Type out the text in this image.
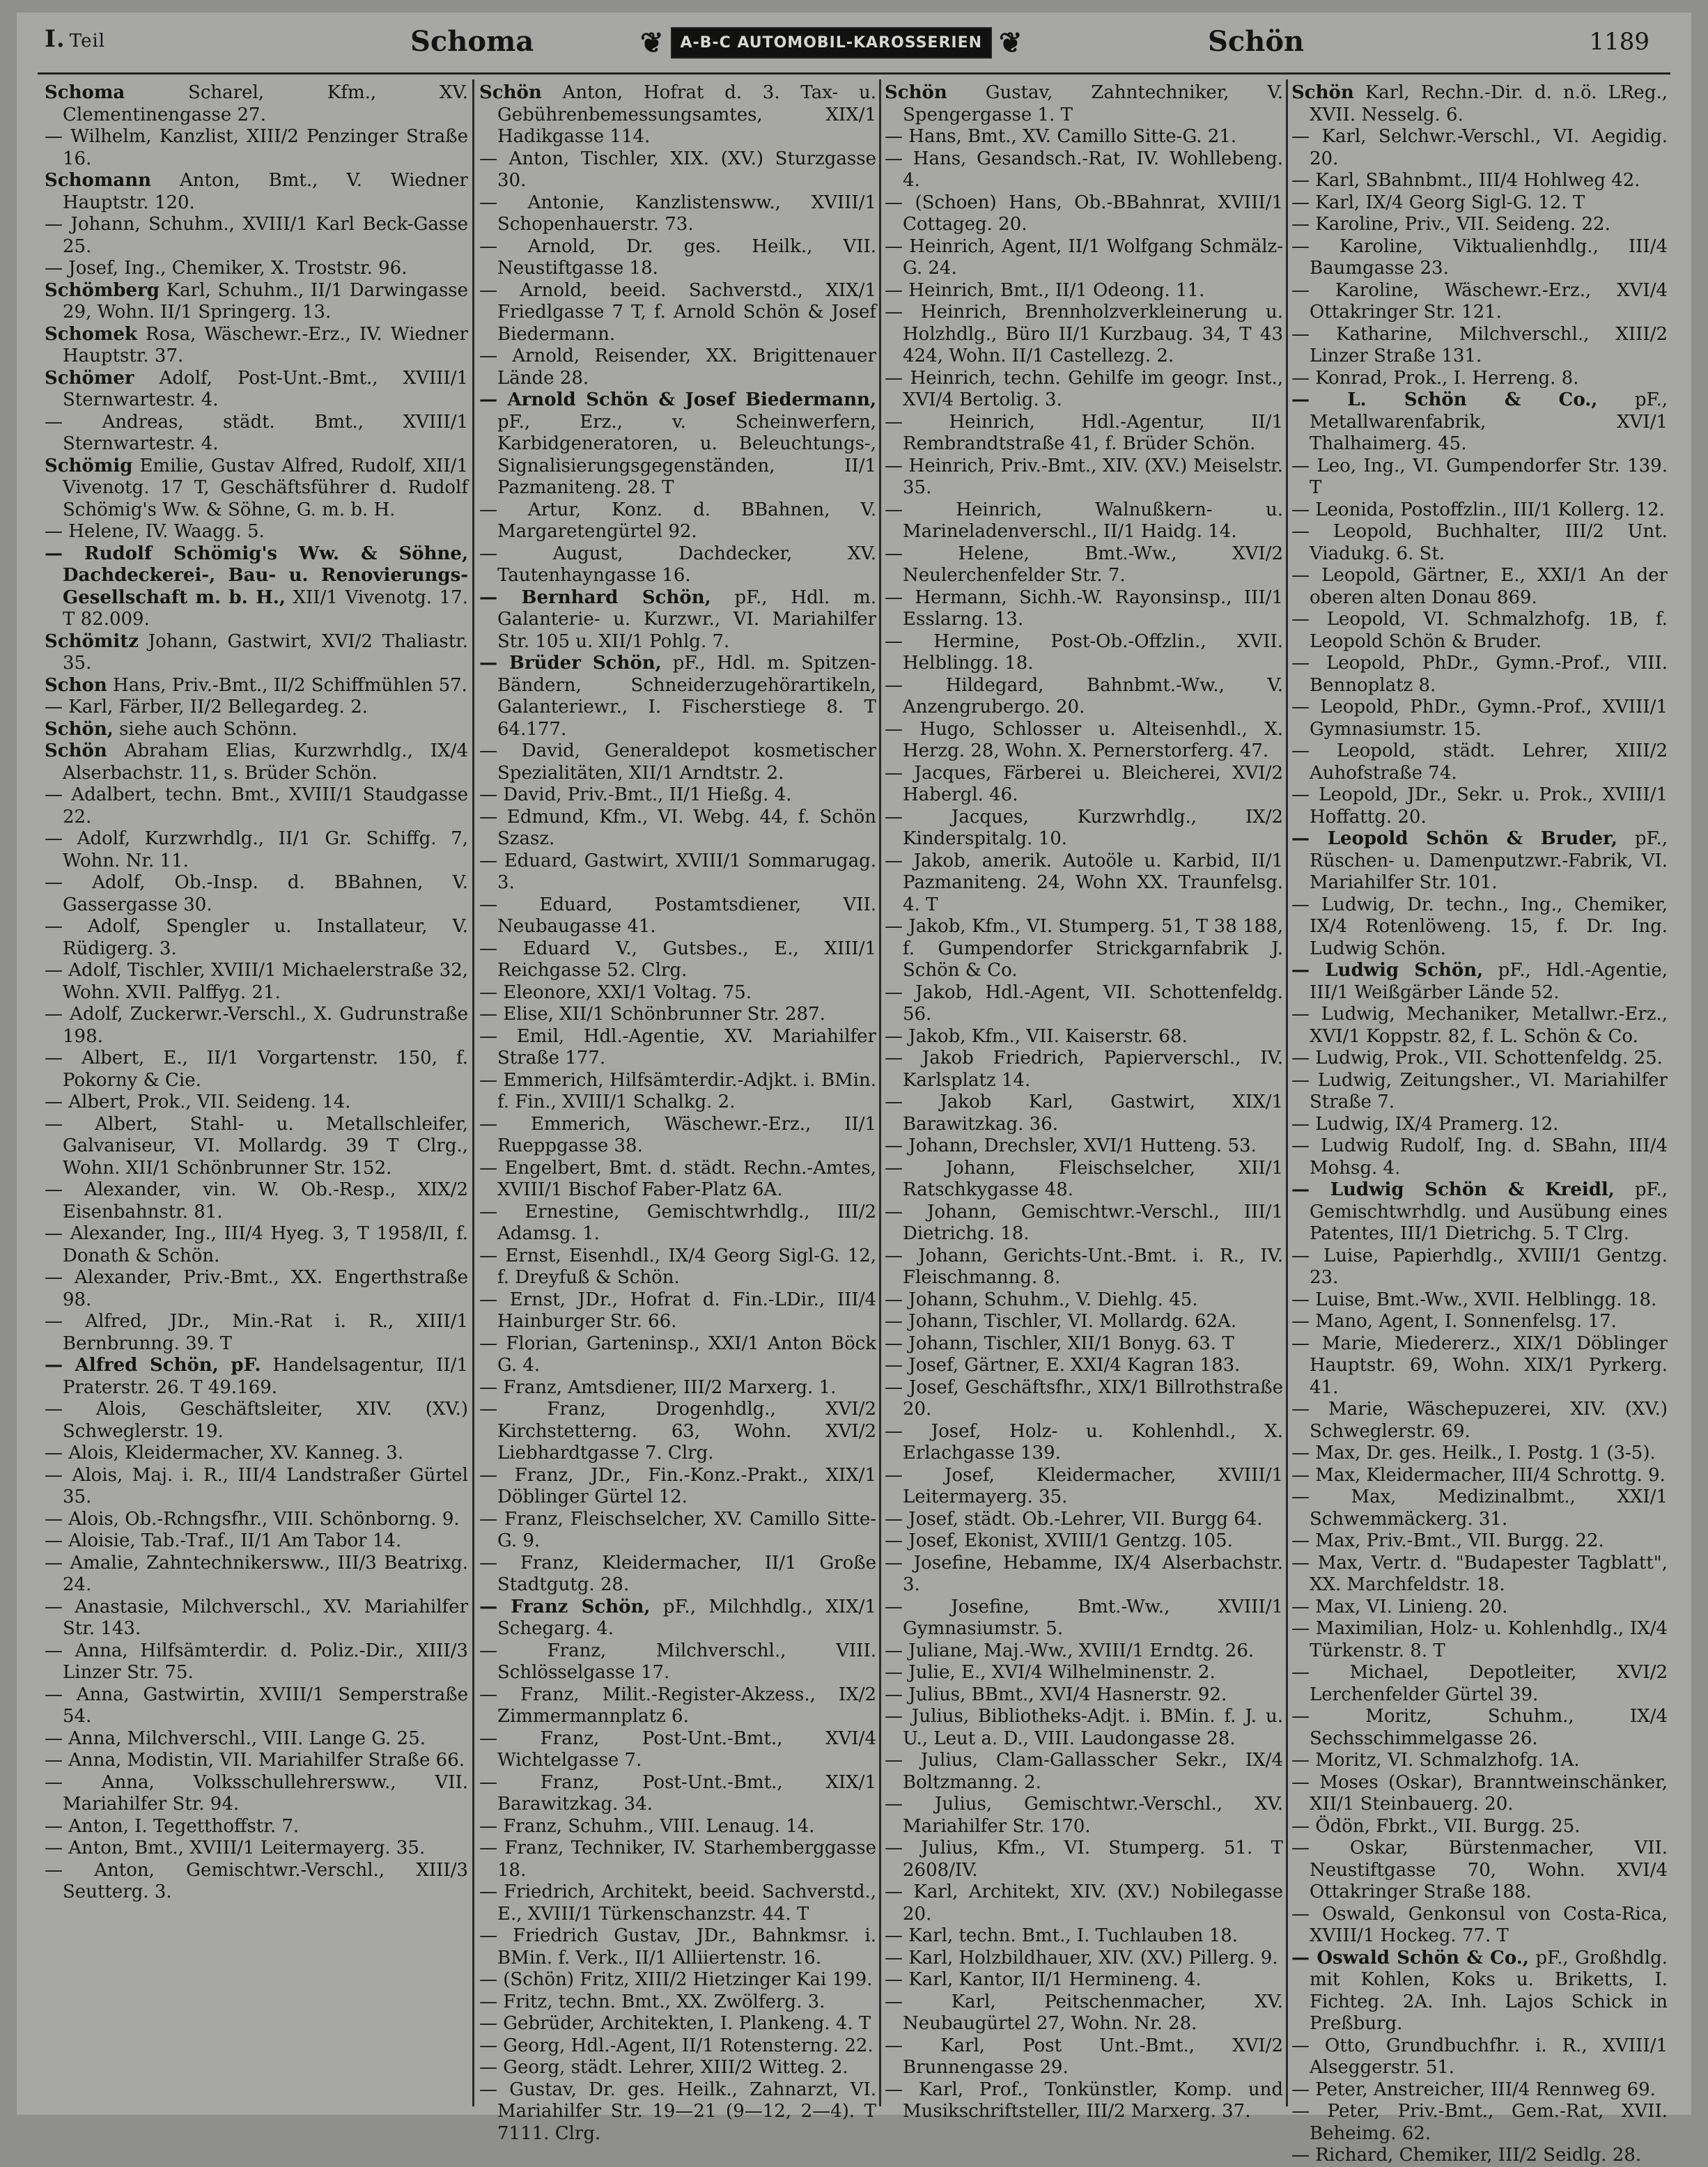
I. Teil	Schoma	❦	A-B-C AUTOMOBIL-KAROSSERIEN ❦	Schön	1189

Schoma Scharel, Kfm., XV. Clementinengasse 27.

— Wilhelm, Kanzlist, XIII/2 Penzinger Straße 16.

Schomann Anton, Bmt., V. Wiedner Hauptstr. 120.

— Johann, Schuhm., XVIII/1 Karl Beck-Gasse 25.

— Josef, Ing., Chemiker, X. Troststr. 96.

Schömberg Karl, Schuhm., II/1 Darwingasse 29, Wohn. II/1 Springerg. 13.

Schomek Rosa, Wäschewr.-Erz., IV. Wiedner Hauptstr. 37.

Schömer Adolf, Post-Unt.-Bmt., XVIII/1 Sternwartestr. 4.

— Andreas, städt. Bmt., XVIII/1 Sternwartestr. 4.

Schömig Emilie, Gustav Alfred, Rudolf, XII/1 Vivenotg. 17 T, Geschäftsführer d. Rudolf Schömig's Ww. & Söhne, G. m. b. H.

— Helene, IV. Waagg. 5.

— Rudolf Schömig's Ww. & Söhne, Dachdeckerei-, Bau- u. Renovierungs-Gesellschaft m. b. H., XII/1 Vivenotg. 17. T 82.009.

Schömitz Johann, Gastwirt, XVI/2 Thaliastr. 35.

Schon Hans, Priv.-Bmt., II/2 Schiffmühlen 57.

— Karl, Färber, II/2 Bellegardeg. 2.

Schön, siehe auch Schönn.

Schön Abraham Elias, Kurzwrhdlg., IX/4 Alserbachstr. 11, s. Brüder Schön.

— Adalbert, techn. Bmt., XVIII/1 Staudgasse 22.

— Adolf, Kurzwrhdlg., II/1 Gr. Schiffg. 7, Wohn. Nr. 11.

— Adolf, Ob.-Insp. d. BBahnen, V. Gassergasse 30.

— Adolf, Spengler u. Installateur, V. Rüdigerg. 3.

— Adolf, Tischler, XVIII/1 Michaelerstraße 32, Wohn. XVII. Palffyg. 21.

— Adolf, Zuckerwr.-Verschl., X. Gudrunstraße 198.

— Albert, E., II/1 Vorgartenstr. 150, f. Pokorny & Cie.

— Albert, Prok., VII. Seideng. 14.

— Albert, Stahl- u. Metallschleifer, Galvaniseur, VI. Mollardg. 39 T Clrg., Wohn. XII/1 Schönbrunner Str. 152.

— Alexander, vin. W. Ob.-Resp., XIX/2 Eisenbahnstr. 81.

— Alexander, Ing., III/4 Hyeg. 3, T 1958/II, f. Donath & Schön.

— Alexander, Priv.-Bmt., XX. Engerthstraße 98.

— Alfred, JDr., Min.-Rat i. R., XIII/1 Bernbrunng. 39. T

— Alfred Schön, pF. Handelsagentur, II/1 Praterstr. 26. T 49.169.

— Alois, Geschäftsleiter, XIV. (XV.) Schweglerstr. 19.

— Alois, Kleidermacher, XV. Kanneg. 3.

— Alois, Maj. i. R., III/4 Landstraßer Gürtel 35.

— Alois, Ob.-Rchngsfhr., VIII. Schönborng. 9.

— Aloisie, Tab.-Traf., II/1 Am Tabor 14.

— Amalie, Zahntechnikersww., III/3 Beatrixg. 24.

— Anastasie, Milchverschl., XV. Mariahilfer Str. 143.

— Anna, Hilfsämterdir. d. Poliz.-Dir., XIII/3 Linzer Str. 75.

— Anna, Gastwirtin, XVIII/1 Semperstraße 54.

— Anna, Milchverschl., VIII. Lange G. 25.

— Anna, Modistin, VII. Mariahilfer Straße 66.

— Anna, Volksschullehrersww., VII. Mariahilfer Str. 94.

— Anton, I. Tegetthoffstr. 7.

— Anton, Bmt., XVIII/1 Leitermayerg. 35.

— Anton, Gemischtwr.-Verschl., XIII/3 Seutterg. 3.

Schön Anton, Hofrat d. 3. Tax- u. Gebührenbemessungsamtes, XIX/1 Hadikgasse 114.

— Anton, Tischler, XIX. (XV.) Sturzgasse 30.

— Antonie, Kanzlistensww., XVIII/1 Schopenhauerstr. 73.

— Arnold, Dr. ges. Heilk., VII. Neustiftgasse 18.

— Arnold, beeid. Sachverstd., XIX/1 Friedlgasse 7 T, f. Arnold Schön & Josef Biedermann.

— Arnold, Reisender, XX. Brigittenauer Lände 28.

— Arnold Schön & Josef Biedermann, pF., Erz., v. Scheinwerfern, Karbidgeneratoren, u. Beleuchtungs-, Signalisierungsgegenständen, II/1 Pazmaniteng. 28. T

— Artur, Konz. d. BBahnen, V. Margaretengürtel 92.

— August, Dachdecker, XV. Tautenhayngasse 16.

— Bernhard Schön, pF., Hdl. m. Galanterie- u. Kurzwr., VI. Mariahilfer Str. 105 u. XII/1 Pohlg. 7.

— Brüder Schön, pF., Hdl. m. Spitzen-Bändern, Schneiderzugehörartikeln, Galanteriewr., I. Fischerstiege 8. T 64.177.

— David, Generaldepot kosmetischer Spezialitäten, XII/1 Arndtstr. 2.

— David, Priv.-Bmt., II/1 Hießg. 4.

— Edmund, Kfm., VI. Webg. 44, f. Schön Szasz.

— Eduard, Gastwirt, XVIII/1 Sommarugag. 3.

— Eduard, Postamtsdiener, VII. Neubaugasse 41.

— Eduard V., Gutsbes., E., XIII/1 Reichgasse 52. Clrg.

— Eleonore, XXI/1 Voltag. 75.

— Elise, XII/1 Schönbrunner Str. 287.

— Emil, Hdl.-Agentie, XV. Mariahilfer Straße 177.

— Emmerich, Hilfsämterdir.-Adjkt. i. BMin. f. Fin., XVIII/1 Schalkg. 2.

— Emmerich, Wäschewr.-Erz., II/1 Rueppgasse 38.

— Engelbert, Bmt. d. städt. Rechn.-Amtes, XVIII/1 Bischof Faber-Platz 6A.

— Ernestine, Gemischtwrhdlg., III/2 Adamsg. 1.

— Ernst, Eisenhdl., IX/4 Georg Sigl-G. 12, f. Dreyfuß & Schön.

— Ernst, JDr., Hofrat d. Fin.-LDir., III/4 Hainburger Str. 66.

— Florian, Garteninsp., XXI/1 Anton Böck G. 4.

— Franz, Amtsdiener, III/2 Marxerg. 1.

— Franz, Drogenhdlg., XVI/2 Kirchstetterng. 63, Wohn. XVI/2 Liebhardtgasse 7. Clrg.

— Franz, JDr., Fin.-Konz.-Prakt., XIX/1 Döblinger Gürtel 12.

— Franz, Fleischselcher, XV. Camillo Sitte-G. 9.

— Franz, Kleidermacher, II/1 Große Stadtgutg. 28.

— Franz Schön, pF., Milchhdlg., XIX/1 Schegarg. 4.

— Franz, Milchverschl., VIII. Schlösselgasse 17.

— Franz, Milit.-Register-Akzess., IX/2 Zimmermannplatz 6.

— Franz, Post-Unt.-Bmt., XVI/4 Wichtelgasse 7.

— Franz, Post-Unt.-Bmt., XIX/1 Barawitzkag. 34.

— Franz, Schuhm., VIII. Lenaug. 14.

— Franz, Techniker, IV. Starhemberggasse 18.

— Friedrich, Architekt, beeid. Sachverstd., E., XVIII/1 Türkenschanzstr. 44. T

— Friedrich Gustav, JDr., Bahnkmsr. i. BMin. f. Verk., II/1 Alliiertenstr. 16.

— (Schön) Fritz, XIII/2 Hietzinger Kai 199.

— Fritz, techn. Bmt., XX. Zwölferg. 3.

— Gebrüder, Architekten, I. Plankeng. 4. T

— Georg, Hdl.-Agent, II/1 Rotensterng. 22.

— Georg, städt. Lehrer, XIII/2 Witteg. 2.

— Gustav, Dr. ges. Heilk., Zahnarzt, VI. Mariahilfer Str. 19—21 (9—12, 2—4). T 7111. Clrg.

Schön Gustav, Zahntechniker, V. Spengergasse 1. T

— Hans, Bmt., XV. Camillo Sitte-G. 21.

— Hans, Gesandsch.-Rat, IV. Wohllebeng. 4.

— (Schoen) Hans, Ob.-BBahnrat, XVIII/1 Cottageg. 20.

— Heinrich, Agent, II/1 Wolfgang Schmälz-G. 24.

— Heinrich, Bmt., II/1 Odeong. 11.

— Heinrich, Brennholzverkleinerung u. Holzhdlg., Büro II/1 Kurzbaug. 34, T 43 424, Wohn. II/1 Castellezg. 2.

— Heinrich, techn. Gehilfe im geogr. Inst., XVI/4 Bertolig. 3.

— Heinrich, Hdl.-Agentur, II/1 Rembrandtstraße 41, f. Brüder Schön.

— Heinrich, Priv.-Bmt., XIV. (XV.) Meiselstr. 35.

— Heinrich, Walnußkern- u. Marineladenverschl., II/1 Haidg. 14.

— Helene, Bmt.-Ww., XVI/2 Neulerchenfelder Str. 7.

— Hermann, Sichh.-W. Rayonsinsp., III/1 Esslarng. 13.

— Hermine, Post-Ob.-Offzlin., XVII. Helblingg. 18.

— Hildegard, Bahnbmt.-Ww., V. Anzengrubergo. 20.

— Hugo, Schlosser u. Alteisenhdl., X. Herzg. 28, Wohn. X. Pernerstorferg. 47.

— Jacques, Färberei u. Bleicherei, XVI/2 Habergl. 46.

— Jacques, Kurzwrhdlg., IX/2 Kinderspitalg. 10.

— Jakob, amerik. Autoöle u. Karbid, II/1 Pazmaniteng. 24, Wohn XX. Traunfelsg. 4. T

— Jakob, Kfm., VI. Stumperg. 51, T 38 188, f. Gumpendorfer Strickgarnfabrik J. Schön & Co.

— Jakob, Hdl.-Agent, VII. Schottenfeldg. 56.

— Jakob, Kfm., VII. Kaiserstr. 68.

— Jakob Friedrich, Papierverschl., IV. Karlsplatz 14.

— Jakob Karl, Gastwirt, XIX/1 Barawitzkag. 36.

— Johann, Drechsler, XVI/1 Hutteng. 53.

— Johann, Fleischselcher, XII/1 Ratschkygasse 48.

— Johann, Gemischtwr.-Verschl., III/1 Dietrichg. 18.

— Johann, Gerichts-Unt.-Bmt. i. R., IV. Fleischmanng. 8.

— Johann, Schuhm., V. Diehlg. 45.

— Johann, Tischler, VI. Mollardg. 62A.

— Johann, Tischler, XII/1 Bonyg. 63. T

— Josef, Gärtner, E. XXI/4 Kagran 183.

— Josef, Geschäftsfhr., XIX/1 Billrothstraße 20.

— Josef, Holz- u. Kohlenhdl., X. Erlachgasse 139.

— Josef, Kleidermacher, XVIII/1 Leitermayerg. 35.

— Josef, städt. Ob.-Lehrer, VII. Burgg 64.

— Josef, Ekonist, XVIII/1 Gentzg. 105.

— Josefine, Hebamme, IX/4 Alserbachstr. 3.

— Josefine, Bmt.-Ww., XVIII/1 Gymnasiumstr. 5.

— Juliane, Maj.-Ww., XVIII/1 Erndtg. 26.

— Julie, E., XVI/4 Wilhelminenstr. 2.

— Julius, BBmt., XVI/4 Hasnerstr. 92.

— Julius, Bibliotheks-Adjt. i. BMin. f. J. u. U., Leut a. D., VIII. Laudongasse 28.

— Julius, Clam-Gallasscher Sekr., IX/4 Boltzmanng. 2.

— Julius, Gemischtwr.-Verschl., XV. Mariahilfer Str. 170.

— Julius, Kfm., VI. Stumperg. 51. T 2608/IV.

— Karl, Architekt, XIV. (XV.) Nobilegasse 20.

— Karl, techn. Bmt., I. Tuchlauben 18.

— Karl, Holzbildhauer, XIV. (XV.) Pillerg. 9.

— Karl, Kantor, II/1 Hermineng. 4.

— Karl, Peitschenmacher, XV. Neubaugürtel 27, Wohn. Nr. 28.

— Karl, Post Unt.-Bmt., XVI/2 Brunnengasse 29.

— Karl, Prof., Tonkünstler, Komp. und Musikschriftsteller, III/2 Marxerg. 37.

Schön Karl, Rechn.-Dir. d. n.ö. LReg., XVII. Nesselg. 6.

— Karl, Selchwr.-Verschl., VI. Aegidig. 20.

— Karl, SBahnbmt., III/4 Hohlweg 42.

— Karl, IX/4 Georg Sigl-G. 12. T

— Karoline, Priv., VII. Seideng. 22.

— Karoline, Viktualienhdlg., III/4 Baumgasse 23.

— Karoline, Wäschewr.-Erz., XVI/4 Ottakringer Str. 121.

— Katharine, Milchverschl., XIII/2 Linzer Straße 131.

— Konrad, Prok., I. Herreng. 8.

— L. Schön & Co., pF., Metallwarenfabrik, XVI/1 Thalhaimerg. 45.

— Leo, Ing., VI. Gumpendorfer Str. 139. T

— Leonida, Postoffzlin., III/1 Kollerg. 12.

— Leopold, Buchhalter, III/2 Unt. Viadukg. 6. St.

— Leopold, Gärtner, E., XXI/1 An der oberen alten Donau 869.

— Leopold, VI. Schmalzhofg. 1B, f. Leopold Schön & Bruder.

— Leopold, PhDr., Gymn.-Prof., VIII. Bennoplatz 8.

— Leopold, PhDr., Gymn.-Prof., XVIII/1 Gymnasiumstr. 15.

— Leopold, städt. Lehrer, XIII/2 Auhofstraße 74.

— Leopold, JDr., Sekr. u. Prok., XVIII/1 Hoffattg. 20.

— Leopold Schön & Bruder, pF., Rüschen- u. Damenputzwr.-Fabrik, VI. Mariahilfer Str. 101.

— Ludwig, Dr. techn., Ing., Chemiker, IX/4 Rotenlöweng. 15, f. Dr. Ing. Ludwig Schön.

— Ludwig Schön, pF., Hdl.-Agentie, III/1 Weißgärber Lände 52.

— Ludwig, Mechaniker, Metallwr.-Erz., XVI/1 Koppstr. 82, f. L. Schön & Co.

— Ludwig, Prok., VII. Schottenfeldg. 25.

— Ludwig, Zeitungsher., VI. Mariahilfer Straße 7.

— Ludwig, IX/4 Pramerg. 12.

— Ludwig Rudolf, Ing. d. SBahn, III/4 Mohsg. 4.

— Ludwig Schön & Kreidl, pF., Gemischtwrhdlg. und Ausübung eines Patentes, III/1 Dietrichg. 5. T Clrg.

— Luise, Papierhdlg., XVIII/1 Gentzg. 23.

— Luise, Bmt.-Ww., XVII. Helblingg. 18.

— Mano, Agent, I. Sonnenfelsg. 17.

— Marie, Miedererz., XIX/1 Döblinger Hauptstr. 69, Wohn. XIX/1 Pyrkerg. 41.

— Marie, Wäschepuzerei, XIV. (XV.) Schweglerstr. 69.

— Max, Dr. ges. Heilk., I. Postg. 1 (3-5).

— Max, Kleidermacher, III/4 Schrottg. 9.

— Max, Medizinalbmt., XXI/1 Schwemmäckerg. 31.

— Max, Priv.-Bmt., VII. Burgg. 22.

— Max, Vertr. d. "Budapester Tagblatt", XX. Marchfeldstr. 18.

— Max, VI. Linieng. 20.

— Maximilian, Holz- u. Kohlenhdlg., IX/4 Türkenstr. 8. T

— Michael, Depotleiter, XVI/2 Lerchenfelder Gürtel 39.

— Moritz, Schuhm., IX/4 Sechsschimmelgasse 26.

— Moritz, VI. Schmalzhofg. 1A.

— Moses (Oskar), Branntweinschänker, XII/1 Steinbauerg. 20.

— Ödön, Fbrkt., VII. Burgg. 25.

— Oskar, Bürstenmacher, VII. Neustiftgasse 70, Wohn. XVI/4 Ottakringer Straße 188.

— Oswald, Genkonsul von Costa-Rica, XVIII/1 Hockeg. 77. T

— Oswald Schön & Co., pF., Großhdlg. mit Kohlen, Koks u. Briketts, I. Fichteg. 2A. Inh. Lajos Schick in Preßburg.

— Otto, Grundbuchfhr. i. R., XVIII/1 Alseggerstr. 51.

— Peter, Anstreicher, III/4 Rennweg 69.

— Peter, Priv.-Bmt., Gem.-Rat, XVII. Beheimg. 62.

— Richard, Chemiker, III/2 Seidlg. 28.
